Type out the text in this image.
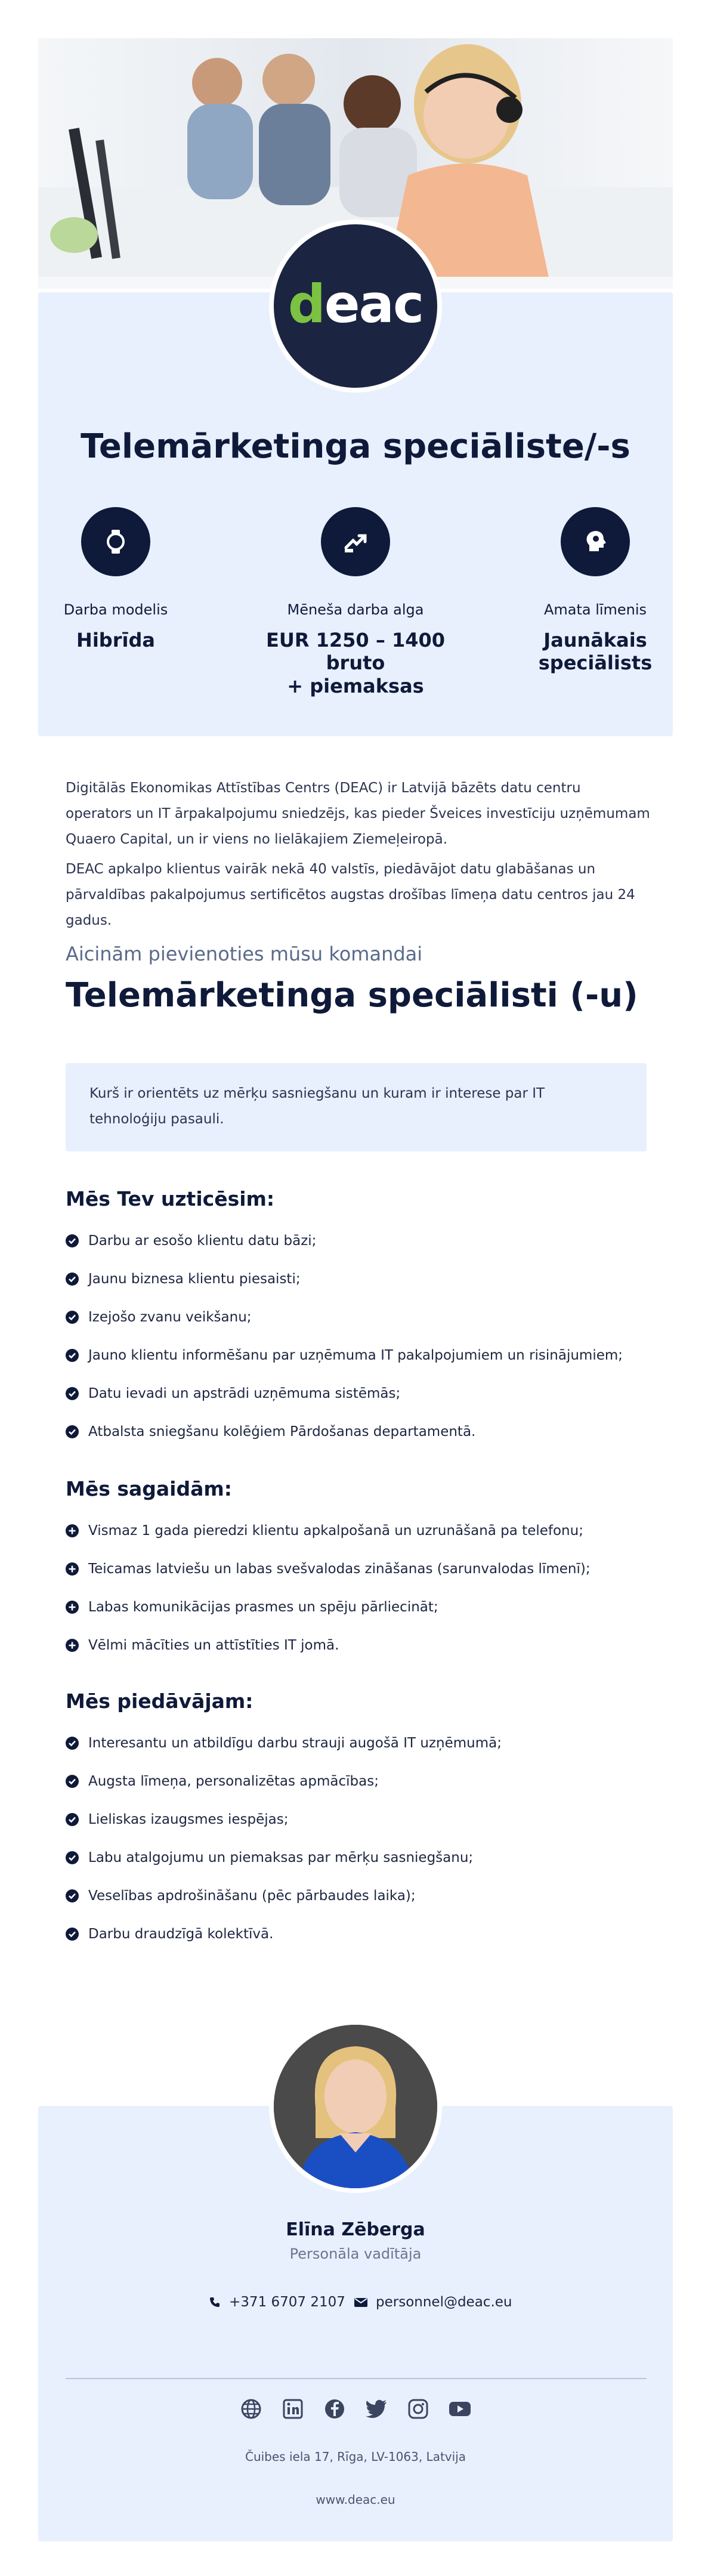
deac
Telemārketinga speciāliste/-s
Darba modelis
Hibrīda
Mēneša darba alga
EUR 1250 – 1400 bruto
+ piemaksas
Amata līmenis
Jaunākais
speciālists

Digitālās Ekonomikas Attīstības Centrs (DEAC) ir Latvijā bāzēts datu centru operators un IT ārpakalpojumu sniedzējs, kas pieder Šveices investīciju uzņēmumam Quaero Capital, un ir viens no lielākajiem Ziemeļeiropā.

DEAC apkalpo klientus vairāk nekā 40 valstīs, piedāvājot datu glabāšanas un pārvaldības pakalpojumus sertificētos augstas drošības līmeņa datu centros jau 24 gadus.

Aicinām pievienoties mūsu komandai

Telemārketinga speciālisti (-u)
Kurš ir orientēts uz mērķu sasniegšanu un kuram ir interese par IT tehnoloģiju pasauli.
Mēs Tev uzticēsim:
Darbu ar esošo klientu datu bāzi;
Jaunu biznesa klientu piesaisti;
Izejošo zvanu veikšanu;
Jauno klientu informēšanu par uzņēmuma IT pakalpojumiem un risinājumiem;
Datu ievadi un apstrādi uzņēmuma sistēmās;
Atbalsta sniegšanu kolēģiem Pārdošanas departamentā.
Mēs sagaidām:
Vismaz 1 gada pieredzi klientu apkalpošanā un uzrunāšanā pa telefonu;
Teicamas latviešu un labas svešvalodas zināšanas (sarunvalodas līmenī);
Labas komunikācijas prasmes un spēju pārliecināt;
Vēlmi mācīties un attīstīties IT jomā.
Mēs piedāvājam:
Interesantu un atbildīgu darbu strauji augošā IT uzņēmumā;
Augsta līmeņa, personalizētas apmācības;
Lieliskas izaugsmes iespējas;
Labu atalgojumu un piemaksas par mērķu sasniegšanu;
Veselības apdrošināšanu (pēc pārbaudes laika);
Darbu draudzīgā kolektīvā.
Elīna Zēberga
Personāla vadītāja
+371 6707 2107 personnel@deac.eu
Čuibes iela 17, Rīga, LV-1063, Latvija
www.deac.eu
